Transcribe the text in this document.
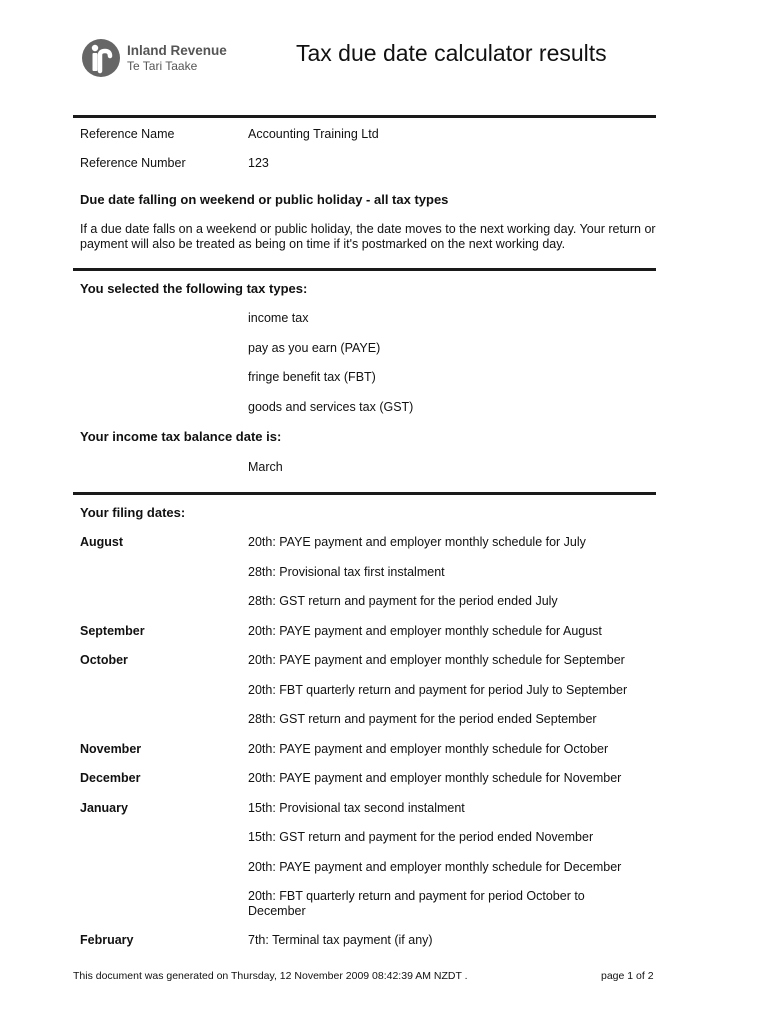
Inland Revenue
Te Tari Taake	Tax due date calculator results
Reference Name	Accounting Training Ltd
Reference Number	123
Due date falling on weekend or public holiday - all tax types
If a due date falls on a weekend or public holiday, the date moves to the next working day. Your return or payment will also be treated as being on time if it's postmarked on the next working day.
You selected the following tax types:
income tax
pay as you earn (PAYE)
fringe benefit tax (FBT)
goods and services tax (GST)
Your income tax balance date is:
March
Your filing dates:
August	20th: PAYE payment and employer monthly schedule for July
28th: Provisional tax first instalment
28th: GST return and payment for the period ended July
September	20th: PAYE payment and employer monthly schedule for August
October	20th: PAYE payment and employer monthly schedule for September
20th: FBT quarterly return and payment for period July to September
28th: GST return and payment for the period ended September
November	20th: PAYE payment and employer monthly schedule for October
December	20th: PAYE payment and employer monthly schedule for November
January	15th: Provisional tax second instalment
15th: GST return and payment for the period ended November
20th: PAYE payment and employer monthly schedule for December
20th: FBT quarterly return and payment for period October to December
February	7th: Terminal tax payment (if any)
This document was generated on Thursday, 12 November 2009 08:42:39 AM NZDT .	page 1 of 2
